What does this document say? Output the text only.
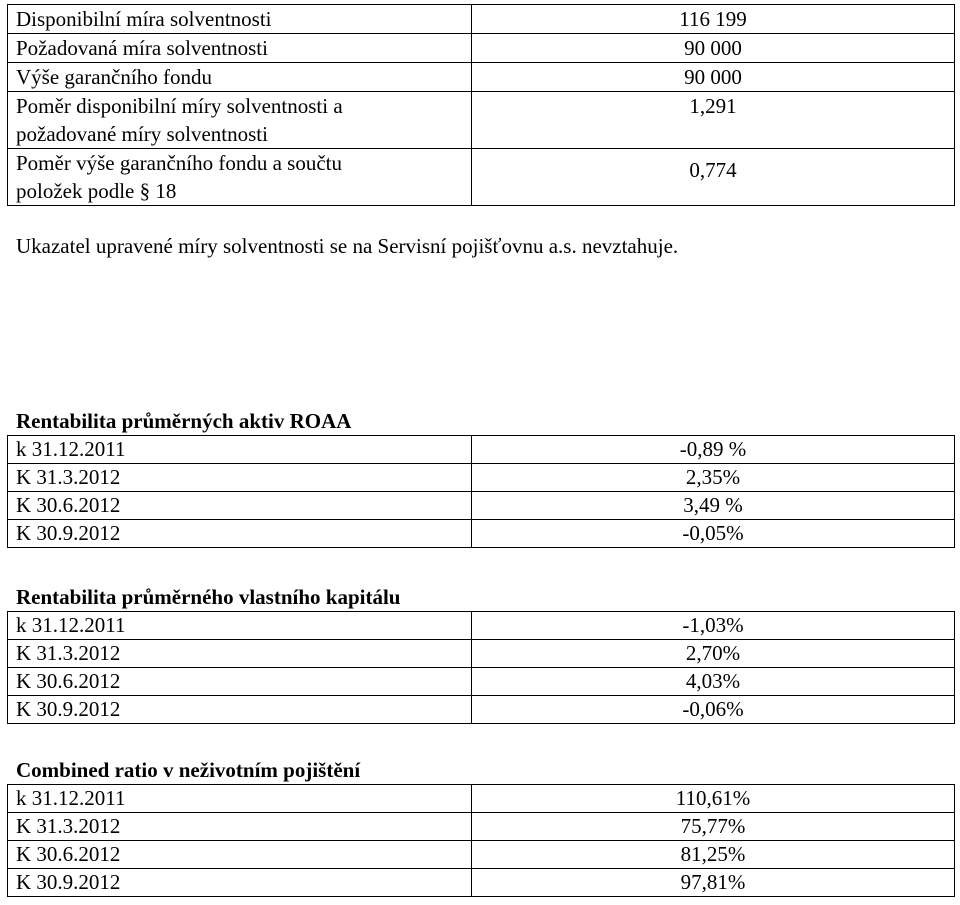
Disponibilní míra solventnosti	116 199
Požadovaná míra solventnosti	90 000
Výše garančního fondu	90 000

Poměr disponibilní míry solventnosti a
požadované míry solventnosti	1,291

Poměr výše garančního fondu a součtu
položek podle § 18	0,774
Ukazatel upravené míry solventnosti se na Servisní pojišťovnu a.s. nevztahuje.
Rentabilita průměrných aktiv ROAA
k 31.12.2011	-0,89 %
K 31.3.2012	2,35%
K 30.6.2012	3,49 %
K 30.9.2012	-0,05%
Rentabilita průměrného vlastního kapitálu
k 31.12.2011	-1,03%
K 31.3.2012	2,70%
K 30.6.2012	4,03%
K 30.9.2012	-0,06%
Combined ratio v neživotním pojištění
k 31.12.2011	110,61%
K 31.3.2012	75,77%
K 30.6.2012	81,25%
K 30.9.2012	97,81%
